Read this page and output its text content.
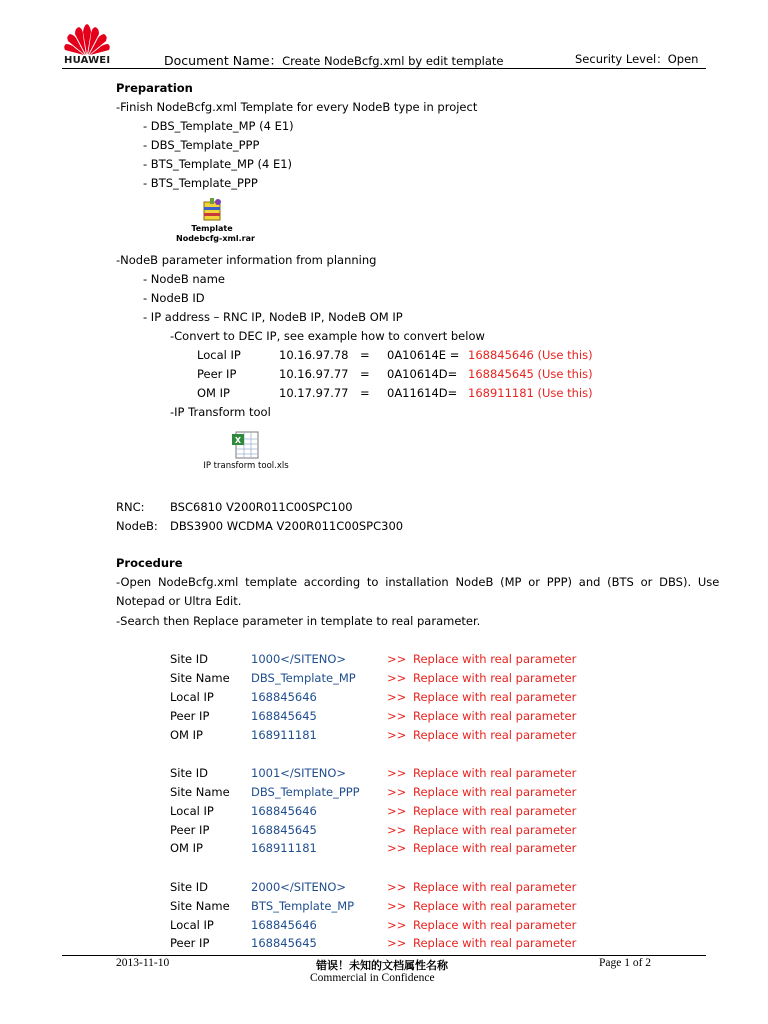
HUAWEI	Document Name：Create NodeBcfg.xml by edit template	Security Level：Open
Preparation
-Finish NodeBcfg.xml Template for every NodeB type in project
- DBS_Template_MP (4 E1)
- DBS_Template_PPP
- BTS_Template_MP (4 E1)
- BTS_Template_PPP
Template
Nodebcfg-xml.rar
-NodeB parameter information from planning
- NodeB name
- NodeB ID
- IP address – RNC IP, NodeB IP, NodeB OM IP
-Convert to DEC IP, see example how to convert below
Local IP	10.16.97.78 = 0A10614E = 168845646 (Use this)
Peer IP	10.16.97.77 = 0A10614D= 168845645 (Use this)
OM IP	10.17.97.77 = 0A11614D= 168911181 (Use this)
-IP Transform tool
X
IP transform tool.xls
RNC: BSC6810 V200R011C00SPC100
NodeB: DBS3900 WCDMA V200R011C00SPC300
Procedure
-Open NodeBcfg.xml template according to installation NodeB (MP or PPP) and (BTS or DBS). Use
Notepad or Ultra Edit.
-Search then Replace parameter in template to real parameter.
Site ID	1000</SITENO>	>> Replace with real parameter
Site Name DBS_Template_MP	>> Replace with real parameter
Local IP	168845646	>> Replace with real parameter
Peer IP	168845645	>> Replace with real parameter
OM IP	168911181	>> Replace with real parameter
Site ID	1001</SITENO>	>> Replace with real parameter
Site Name DBS_Template_PPP >> Replace with real parameter
Local IP	168845646	>> Replace with real parameter
Peer IP	168845645	>> Replace with real parameter
OM IP	168911181	>> Replace with real parameter
Site ID	2000</SITENO>	>> Replace with real parameter
Site Name BTS_Template_MP	>> Replace with real parameter
Local IP	168845646	>> Replace with real parameter
Peer IP	168845645	>> Replace with real parameter
2013-11-10	错误！未知的文档属性名称	Page 1 of 2
Commercial in Confidence
